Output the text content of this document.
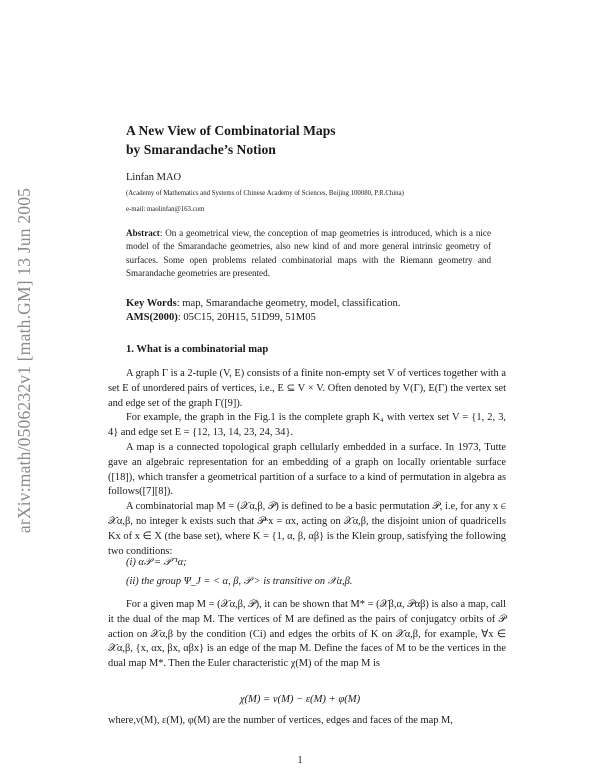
arXiv:math/0506232v1 [math.GM] 13 Jun 2005
A New View of Combinatorial Maps
by Smarandache’s Notion
Linfan MAO
(Academy of Mathematics and Systems of Chinese Academy of Sciences, Beijing 100080, P.R.China)
e-mail: maolinfan@163.com
Abstract: On a geometrical view, the conception of map geometries is introduced, which is a nice model of the Smarandache geometries, also new kind of and more general intrinsic geometry of surfaces. Some open problems related combinatorial maps with the Riemann geometry and Smarandache geometries are presented.
Key Words: map, Smarandache geometry, model, classification.
AMS(2000): 05C15, 20H15, 51D99, 51M05
1. What is a combinatorial map

A graph Γ is a 2-tuple (V, E) consists of a finite non-empty set V of vertices together with a set E of unordered pairs of vertices, i.e., E ⊆ V × V. Often denoted by V(Γ), E(Γ) the vertex set and edge set of the graph Γ([9]).

For example, the graph in the Fig.1 is the complete graph K₄ with vertex set V = {1, 2, 3, 4} and edge set E = {12, 13, 14, 23, 24, 34}.

A map is a connected topological graph cellularly embedded in a surface. In 1973, Tutte gave an algebraic representation for an embedding of a graph on locally orientable surface ([18]), which transfer a geometrical partition of a surface to a kind of permutation in algebra as follows([7][8]).

A combinatorial map M = (𝒳α,β, 𝒫) is defined to be a basic permutation 𝒫, i.e, for any x ∈ 𝒳α,β, no integer k exists such that 𝒫ᵏx = αx, acting on 𝒳α,β, the disjoint union of quadricells Kx of x ∈ X (the base set), where K = {1, α, β, αβ} is the Klein group, satisfying the following two conditions:

(i) α𝒫 = 𝒫⁻¹α;
(ii) the group Ψ_J = < α, β, 𝒫 > is transitive on 𝒳α,β.

For a given map M = (𝒳α,β, 𝒫), it can be shown that M* = (𝒳β,α, 𝒫αβ) is also a map, call it the dual of the map M. The vertices of M are defined as the pairs of conjugatcy orbits of 𝒫 action on 𝒳α,β by the condition (Ci) and edges the orbits of K on 𝒳α,β, for example, ∀x ∈ 𝒳α,β, {x, αx, βx, αβx} is an edge of the map M. Define the faces of M to be the vertices in the dual map M*. Then the Euler characteristic χ(M) of the map M is

χ(M) = ν(M) − ε(M) + φ(M)

where,ν(M), ε(M), φ(M) are the number of vertices, edges and faces of the map M,

1
